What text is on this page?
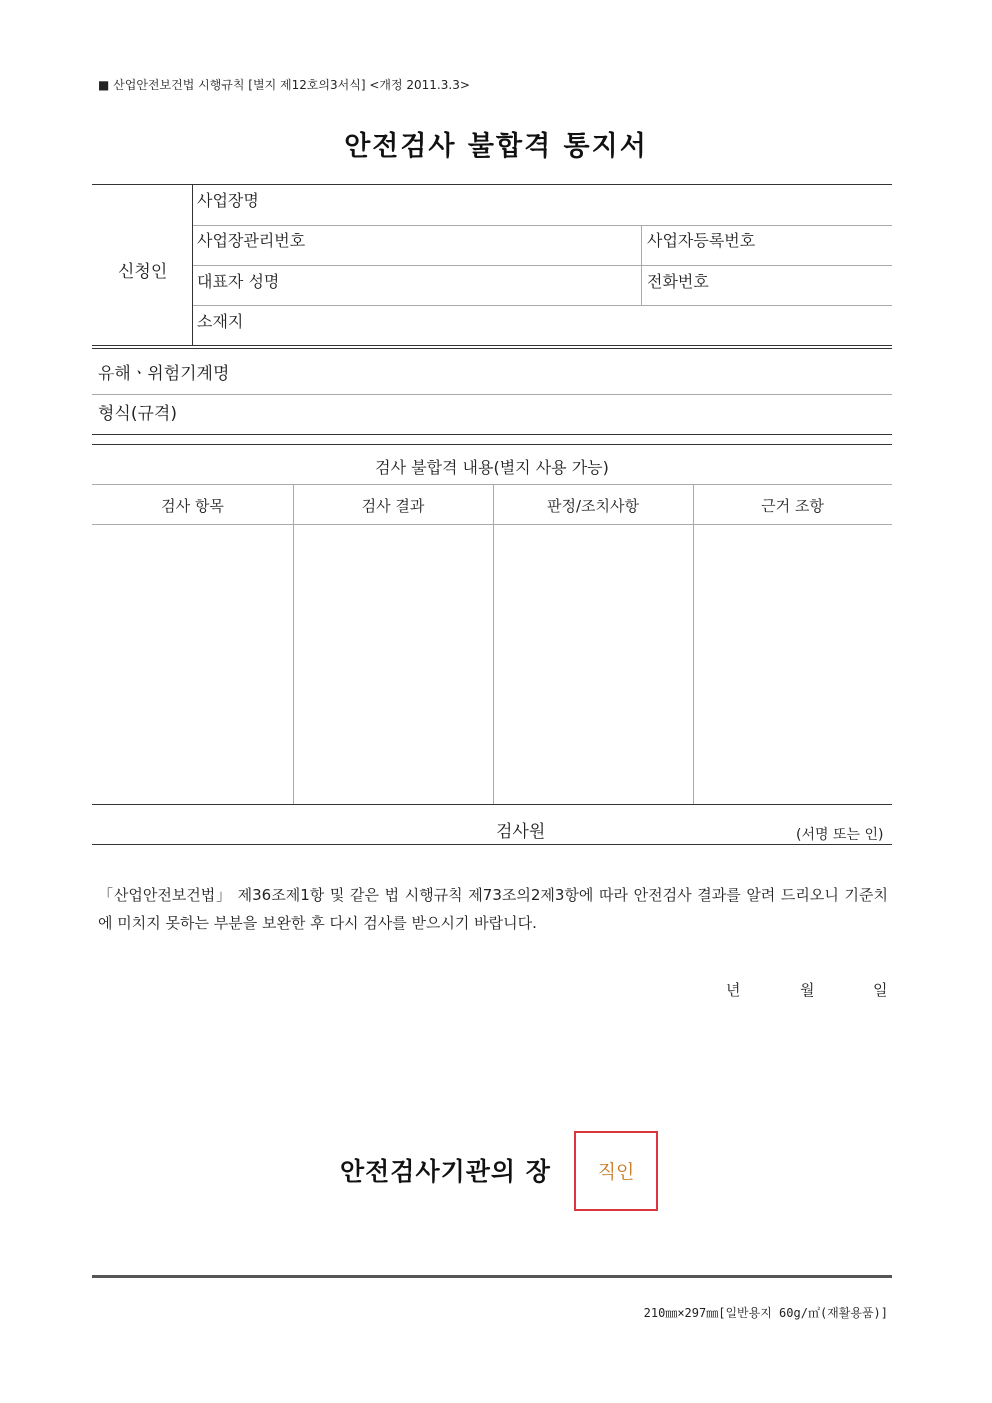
■ 산업안전보건법 시행규칙 [별지 제12호의3서식] <개정 2011.3.3>
안전검사 불합격 통지서
신청인
사업장명
사업장관리번호	사업자등록번호
대표자 성명	전화번호
소재지
유해ㆍ위험기계명
형식(규격)
검사 불합격 내용(별지 사용 가능)
검사 항목	검사 결과	판정/조치사항	근거 조항
검사원	(서명 또는 인)
「산업안전보건법」 제36조제1항 및 같은 법 시행규칙 제73조의2제3항에 따라 안전검사 결과를 알려 드리오니 기준치에 미치지 못하는 부분을 보완한 후 다시 검사를 받으시기 바랍니다.
년	월	일
안전검사기관의 장	직인
210㎜×297㎜[일반용지 60g/㎡(재활용품)]
